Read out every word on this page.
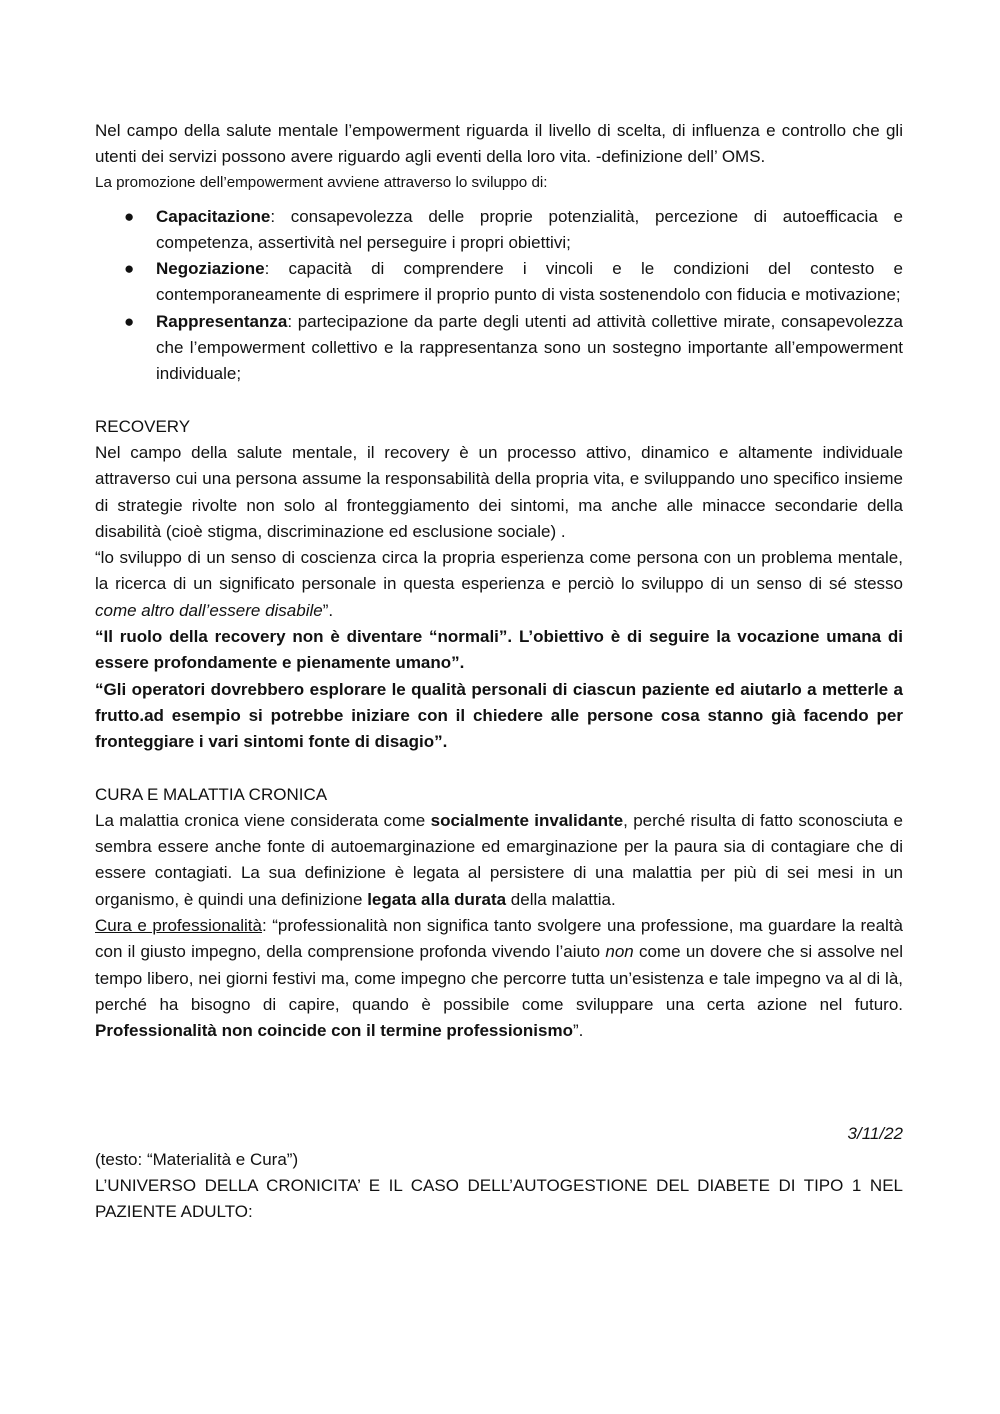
Nel campo della salute mentale l’empowerment riguarda il livello di scelta, di influenza e controllo che gli utenti dei servizi possono avere riguardo agli eventi della loro vita. -definizione dell’ OMS.

La promozione dell’empowerment avviene attraverso lo sviluppo di:

● Capacitazione: consapevolezza delle proprie potenzialità, percezione di autoefficacia e competenza, assertività nel perseguire i propri obiettivi;
● Negoziazione: capacità di comprendere i vincoli e le condizioni del contesto e contemporaneamente di esprimere il proprio punto di vista sostenendolo con fiducia e motivazione;
● Rappresentanza: partecipazione da parte degli utenti ad attività collettive mirate, consapevolezza che l’empowerment collettivo e la rappresentanza sono un sostegno importante all’empowerment individuale;

RECOVERY

Nel campo della salute mentale, il recovery è un processo attivo, dinamico e altamente individuale attraverso cui una persona assume la responsabilità della propria vita, e sviluppando uno specifico insieme di strategie rivolte non solo al fronteggiamento dei sintomi, ma anche alle minacce secondarie della disabilità (cioè stigma, discriminazione ed esclusione sociale) .

“lo sviluppo di un senso di coscienza circa la propria esperienza come persona con un problema mentale, la ricerca di un significato personale in questa esperienza e perciò lo sviluppo di un senso di sé stesso come altro dall’essere disabile”.

“Il ruolo della recovery non è diventare “normali”. L’obiettivo è di seguire la vocazione umana di essere profondamente e pienamente umano”.

“Gli operatori dovrebbero esplorare le qualità personali di ciascun paziente ed aiutarlo a metterle a frutto.ad esempio si potrebbe iniziare con il chiedere alle persone cosa stanno già facendo per fronteggiare i vari sintomi fonte di disagio”.

CURA E MALATTIA CRONICA

La malattia cronica viene considerata come socialmente invalidante, perché risulta di fatto sconosciuta e sembra essere anche fonte di autoemarginazione ed emarginazione per la paura sia di contagiare che di essere contagiati. La sua definizione è legata al persistere di una malattia per più di sei mesi in un organismo, è quindi una definizione legata alla durata della malattia.

Cura e professionalità: “professionalità non significa tanto svolgere una professione, ma guardare la realtà con il giusto impegno, della comprensione profonda vivendo l’aiuto non come un dovere che si assolve nel tempo libero, nei giorni festivi ma, come impegno che percorre tutta un’esistenza e tale impegno va al di là, perché ha bisogno di capire, quando è possibile come sviluppare una certa azione nel futuro. Professionalità non coincide con il termine professionismo”.

3/11/22

(testo: “Materialità e Cura”)

L’UNIVERSO DELLA CRONICITA’ E IL CASO DELL’AUTOGESTIONE DEL DIABETE DI TIPO 1 NEL PAZIENTE ADULTO:
